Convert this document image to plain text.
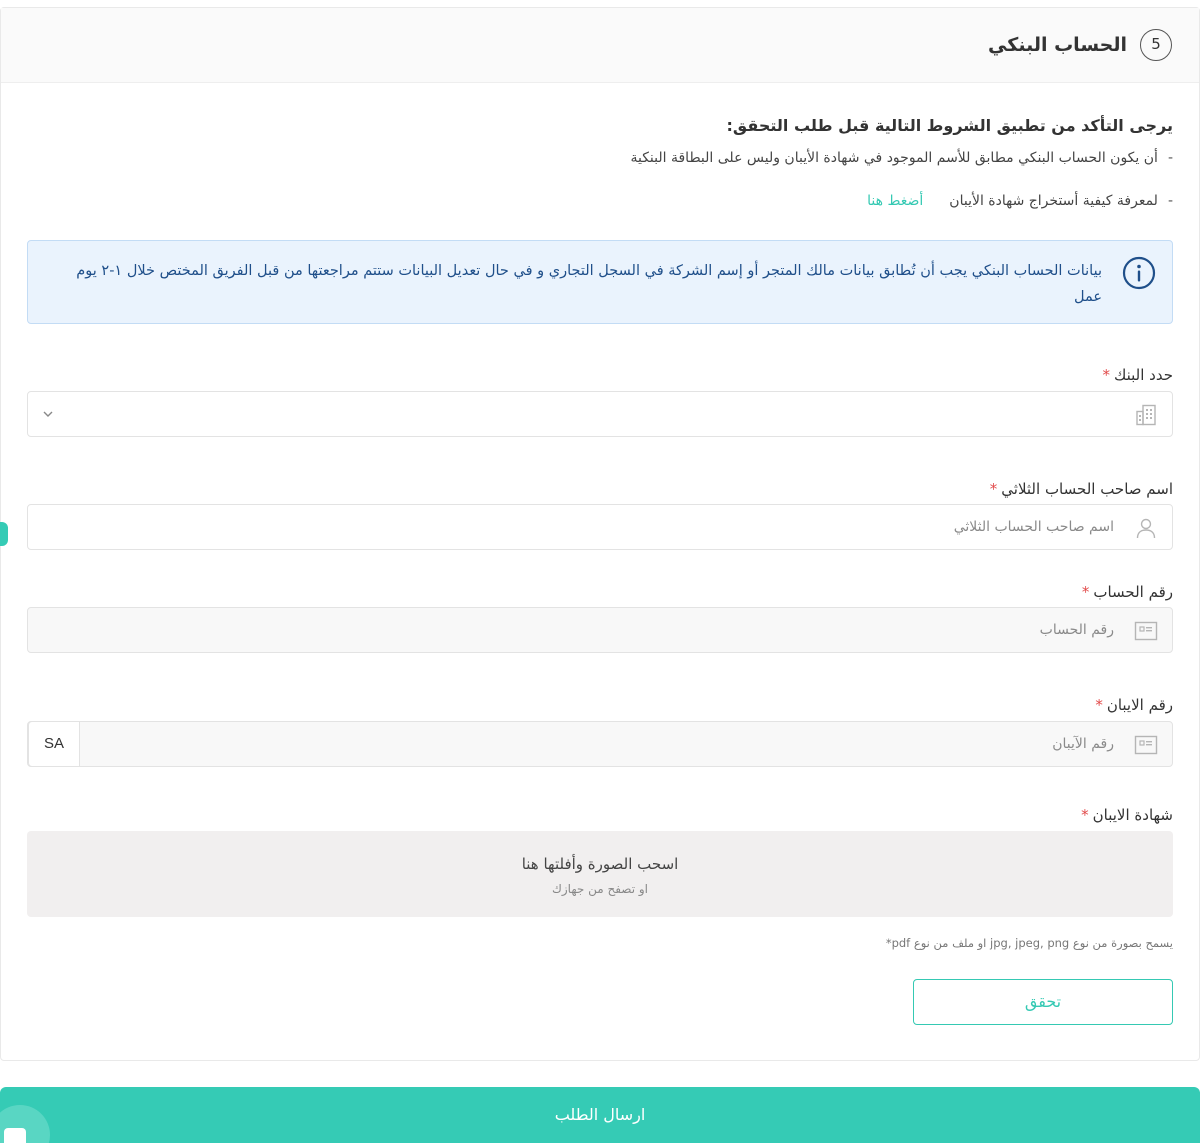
5
الحساب البنكي
يرجى التأكد من تطبيق الشروط التالية قبل طلب التحقق:
-
أن يكون الحساب البنكي مطابق للأسم الموجود في شهادة الأيبان وليس على البطاقة البنكية
-
لمعرفة كيفية أستخراج شهادة الأيبان
أضغط هنا
بيانات الحساب البنكي يجب أن تُطابق بيانات مالك المتجر أو إسم الشركة في السجل التجاري و في حال تعديل البيانات ستتم مراجعتها من قبل الفريق المختص خلال ١-٢ يوم عمل
حدد البنك*
اسم صاحب الحساب الثلاثي*
اسم صاحب الحساب الثلاثي
رقم الحساب*
رقم الحساب
رقم الايبان*
SA	رقم الآيبان
شهادة الايبان*
اسحب الصورة وأفلتها هنا
او تصفح من جهازك
يسمح بصورة من نوع jpg, jpeg, png او ملف من نوع pdf*
تحقق
ارسال الطلب
